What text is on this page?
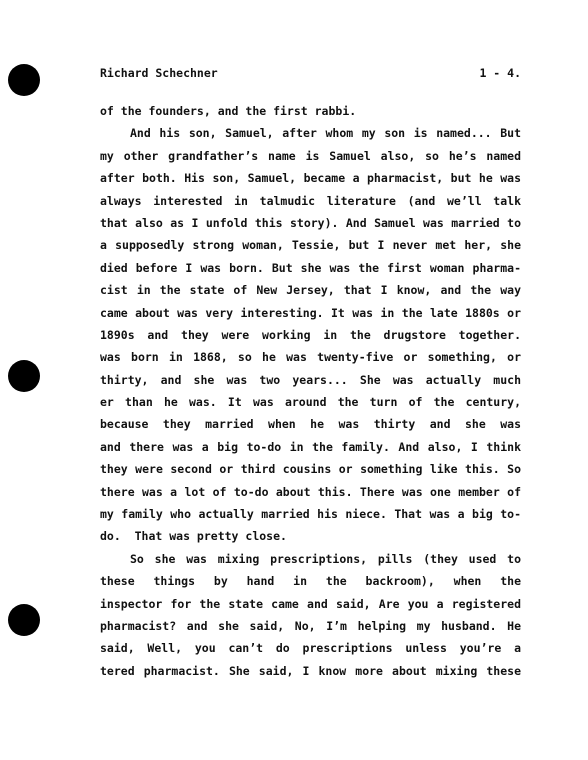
Richard Schechner	1 - 4.
of the founders, and the first rabbi.
And his son, Samuel, after whom my son is named... But
my other grandfather’s name is Samuel also, so he’s named
after both. His son, Samuel, became a pharmacist, but he was
always interested in talmudic literature (and we’ll talk
that also as I unfold this story). And Samuel was married to
a supposedly strong woman, Tessie, but I never met her, she
died before I was born. But she was the first woman pharma-
cist in the state of New Jersey, that I know, and the way
came about was very interesting. It was in the late 1880s or
1890s and they were working in the drugstore together.
was born in 1868, so he was twenty-five or something, or
thirty, and she was two years... She was actually much
er than he was. It was around the turn of the century,
because they married when he was thirty and she was
and there was a big to-do in the family. And also, I think
they were second or third cousins or something like this. So
there was a lot of to-do about this. There was one member of
my family who actually married his niece. That was a big to-
do.  That was pretty close.
So she was mixing prescriptions, pills (they used to
these things by hand in the backroom), when the
inspector for the state came and said, Are you a registered
pharmacist? and she said, No, I’m helping my husband. He
said, Well, you can’t do prescriptions unless you’re a
tered pharmacist. She said, I know more about mixing these
